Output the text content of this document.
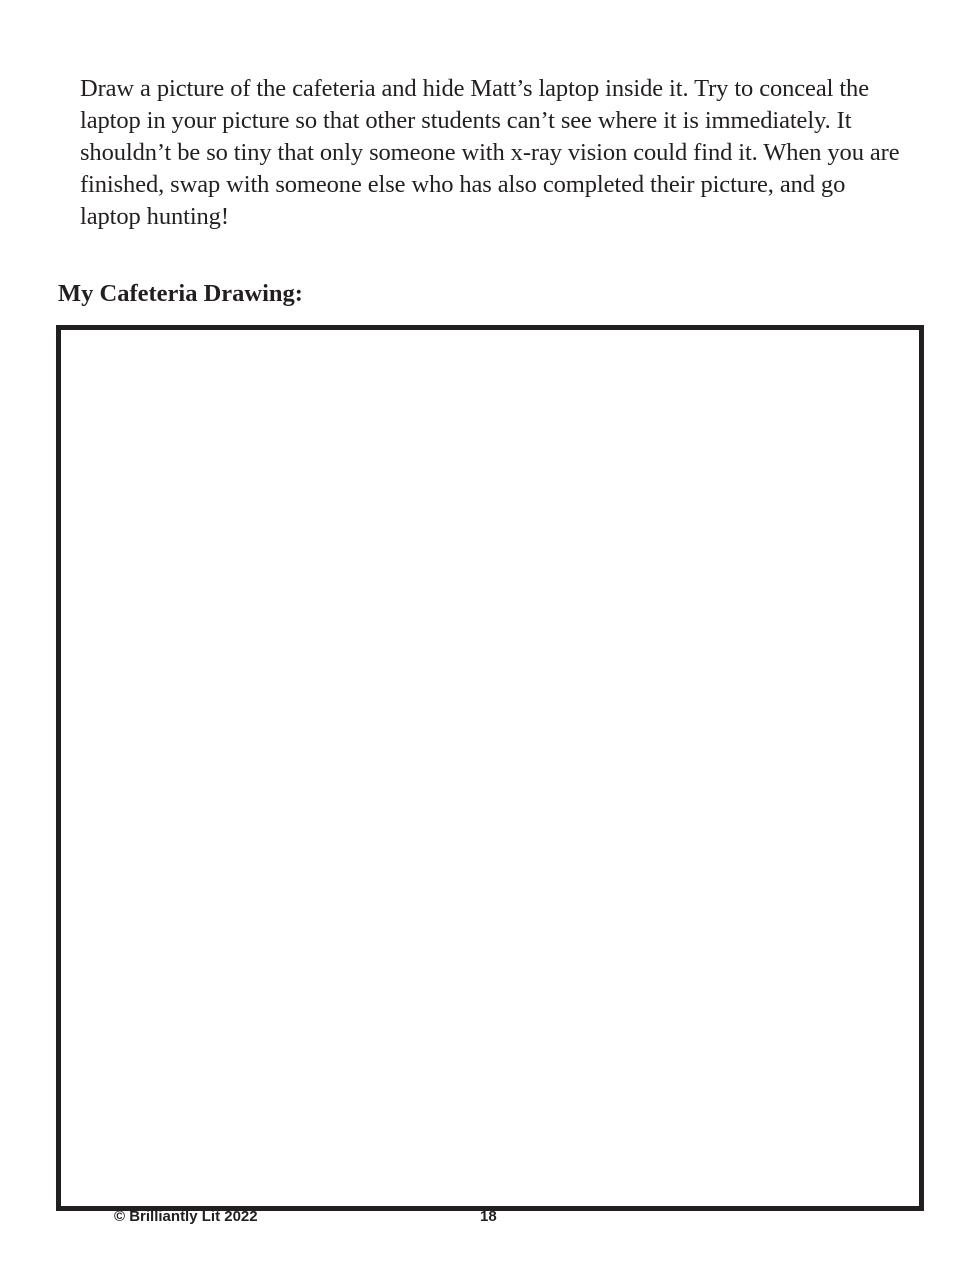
Draw a picture of the cafeteria and hide Matt’s laptop inside it. Try to conceal the laptop in your picture so that other students can’t see where it is immediately. It shouldn’t be so tiny that only someone with x-ray vision could find it. When you are finished, swap with someone else who has also completed their picture, and go laptop hunting!

My Cafeteria Drawing:
© Brilliantly Lit 2022	18
